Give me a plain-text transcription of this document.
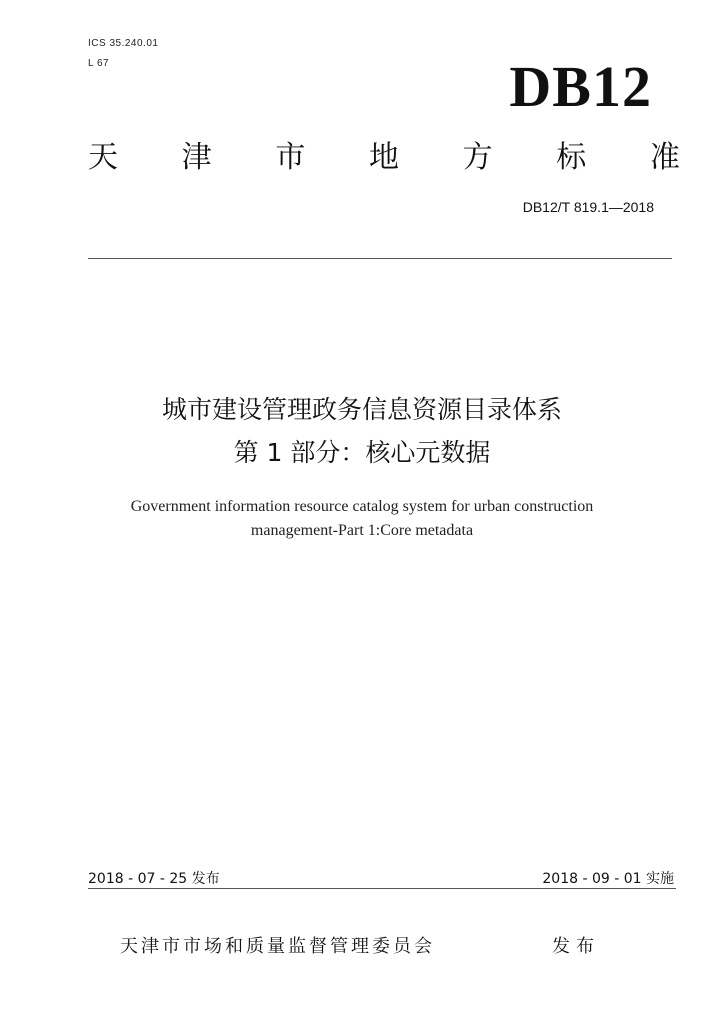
ICS 35.240.01
L 67	DB12
天 津 市 地 方 标 准
DB12/T 819.1—2018
城市建设管理政务信息资源目录体系
第 1 部分：核心元数据
Government information resource catalog system for urban construction
management-Part 1:Core metadata
2018 - 07 - 25 发布	2018 - 09 - 01 实施
天津市市场和质量监督管理委员会	发布
